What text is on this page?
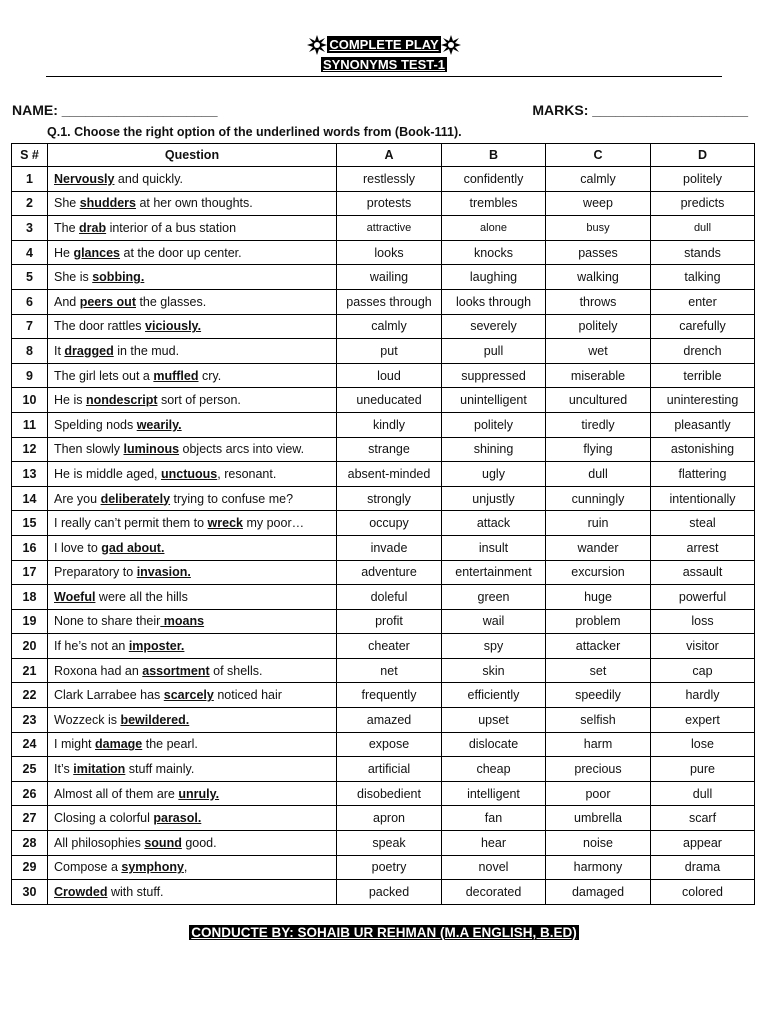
COMPLETE PLAY
SYNONYMS TEST-1
NAME: ____________________	MARKS: ____________________
Q.1. Choose the right option of the underlined words from (Book-111).
S #	Question	A	B	C	D
1	Nervously and quickly.	restlessly	confidently	calmly	politely
2	She shudders at her own thoughts.	protests	trembles	weep	predicts
3	The drab interior of a bus station	attractive	alone	busy	dull
4	He glances at the door up center.	looks	knocks	passes	stands
5	She is sobbing.	wailing	laughing	walking	talking
6	And peers out the glasses.	passes through	looks through	throws	enter
7	The door rattles viciously.	calmly	severely	politely	carefully
8	It dragged in the mud.	put	pull	wet	drench
9	The girl lets out a muffled cry.	loud	suppressed	miserable	terrible
10	He is nondescript sort of person.	uneducated	unintelligent	uncultured	uninteresting
11	Spelding nods wearily.	kindly	politely	tiredly	pleasantly
12	Then slowly luminous objects arcs into view.	strange	shining	flying	astonishing
13	He is middle aged, unctuous, resonant.	absent-minded	ugly	dull	flattering
14	Are you deliberately trying to confuse me?	strongly	unjustly	cunningly	intentionally
15	I really can’t permit them to wreck my poor…	occupy	attack	ruin	steal
16	I love to gad about.	invade	insult	wander	arrest
17	Preparatory to invasion.	adventure	entertainment	excursion	assault
18	Woeful were all the hills	doleful	green	huge	powerful
19	None to share their moans	profit	wail	problem	loss
20	If he’s not an imposter.	cheater	spy	attacker	visitor
21	Roxona had an assortment of shells.	net	skin	set	cap
22	Clark Larrabee has scarcely noticed hair	frequently	efficiently	speedily	hardly
23	Wozzeck is bewildered.	amazed	upset	selfish	expert
24	I might damage the pearl.	expose	dislocate	harm	lose
25	It’s imitation stuff mainly.	artificial	cheap	precious	pure
26	Almost all of them are unruly.	disobedient	intelligent	poor	dull
27	Closing a colorful parasol.	apron	fan	umbrella	scarf
28	All philosophies sound good.	speak	hear	noise	appear
29	Compose a symphony,	poetry	novel	harmony	drama
30	Crowded with stuff.	packed	decorated	damaged	colored
CONDUCTE BY: SOHAIB UR REHMAN (M.A ENGLISH, B.ED)
